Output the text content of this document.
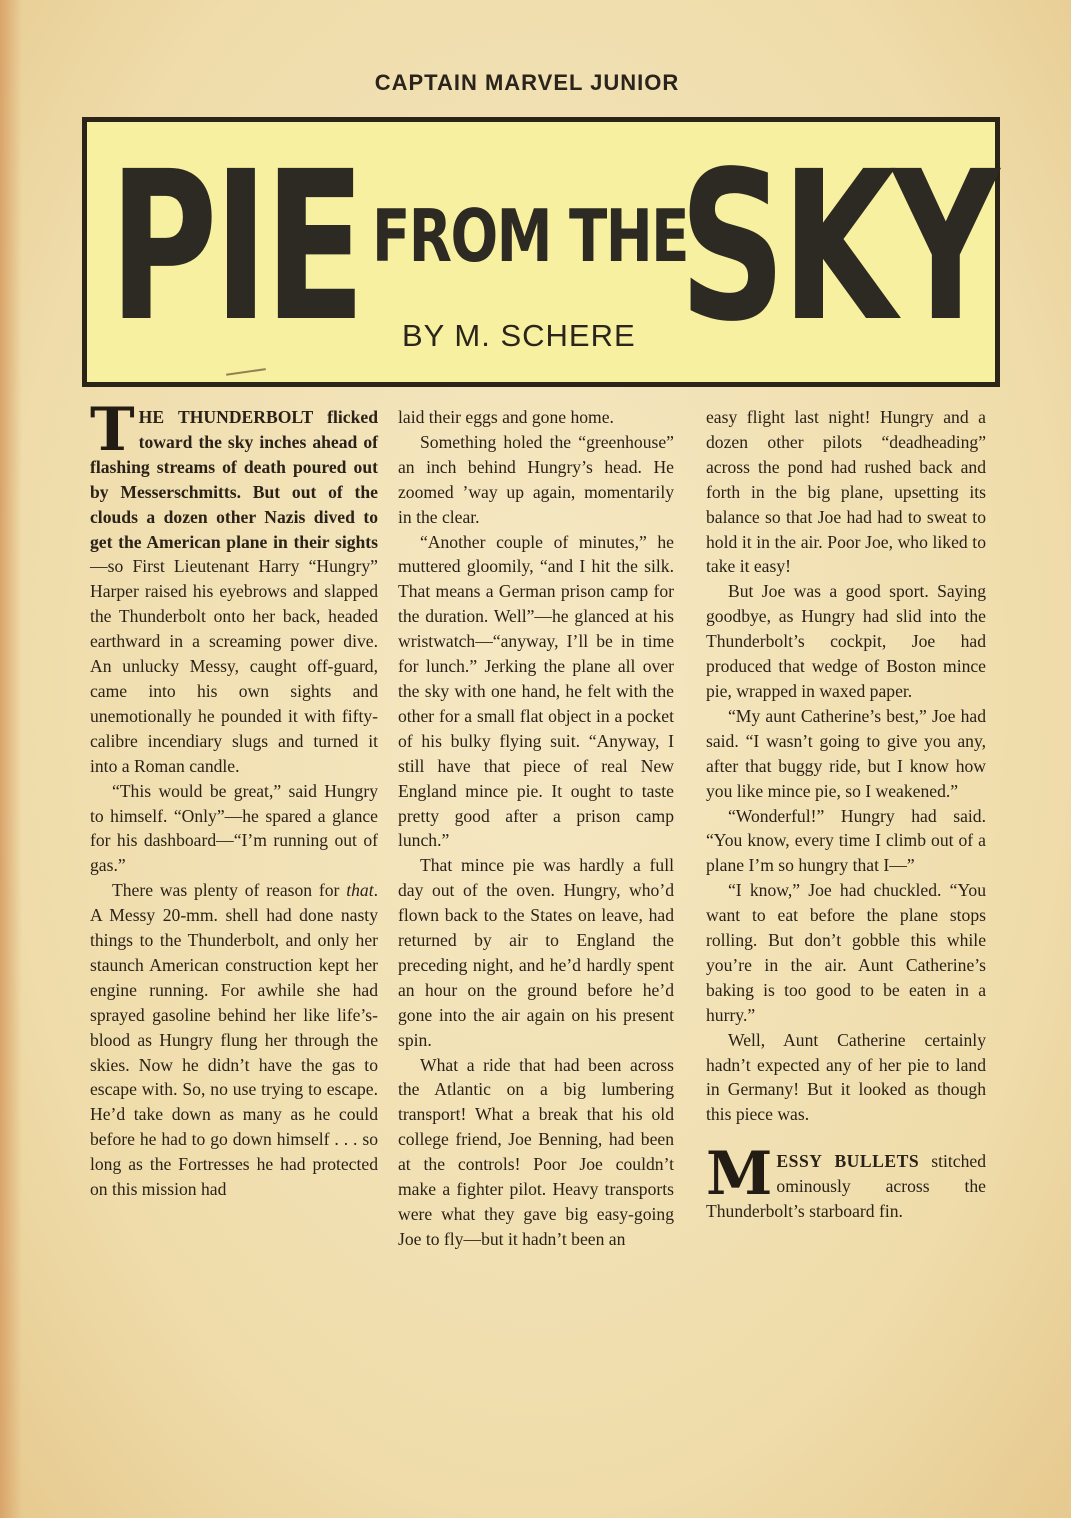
CAPTAIN MARVEL JUNIOR
PIE FROM THE
SKY
BY M. SCHERE

THE THUNDERBOLT flicked toward the sky inches ahead of flashing streams of death poured out by Messerschmitts. But out of the clouds a dozen other Nazis dived to get the American plane in their sights—so First Lieutenant Harry “Hungry” Harper raised his eyebrows and slapped the Thunderbolt onto her back, headed earthward in a screaming power dive. An unlucky Messy, caught off-guard, came into his own sights and unemotionally he pounded it with fifty-calibre incendiary slugs and turned it into a Roman candle.

“This would be great,” said Hungry to himself. “Only”—he spared a glance for his dashboard—“I’m running out of gas.”

There was plenty of reason for that. A Messy 20-mm. shell had done nasty things to the Thunderbolt, and only her staunch American construction kept her engine running. For awhile she had sprayed gasoline behind her like life’s-blood as Hungry flung her through the skies. Now he didn’t have the gas to escape with. So, no use trying to escape. He’d take down as many as he could before he had to go down himself . . . so long as the Fortresses he had protected on this mission had

laid their eggs and gone home.

Something holed the “greenhouse” an inch behind Hungry’s head. He zoomed ’way up again, momentarily in the clear.

“Another couple of minutes,” he muttered gloomily, “and I hit the silk. That means a German prison camp for the duration. Well”—he glanced at his wristwatch—“anyway, I’ll be in time for lunch.” Jerking the plane all over the sky with one hand, he felt with the other for a small flat object in a pocket of his bulky flying suit. “Anyway, I still have that piece of real New England mince pie. It ought to taste pretty good after a prison camp lunch.”

That mince pie was hardly a full day out of the oven. Hungry, who’d flown back to the States on leave, had returned by air to England the preceding night, and he’d hardly spent an hour on the ground before he’d gone into the air again on his present spin.

What a ride that had been across the Atlantic on a big lumbering transport! What a break that his old college friend, Joe Benning, had been at the controls! Poor Joe couldn’t make a fighter pilot. Heavy transports were what they gave big easy-going Joe to fly—but it hadn’t been an

easy flight last night! Hungry and a dozen other pilots “deadheading” across the pond had rushed back and forth in the big plane, upsetting its balance so that Joe had had to sweat to hold it in the air. Poor Joe, who liked to take it easy!

But Joe was a good sport. Saying goodbye, as Hungry had slid into the Thunderbolt’s cockpit, Joe had produced that wedge of Boston mince pie, wrapped in waxed paper.

“My aunt Catherine’s best,” Joe had said. “I wasn’t going to give you any, after that buggy ride, but I know how you like mince pie, so I weakened.”

“Wonderful!” Hungry had said. “You know, every time I climb out of a plane I’m so hungry that I—”

“I know,” Joe had chuckled. “You want to eat before the plane stops rolling. But don’t gobble this while you’re in the air. Aunt Catherine’s baking is too good to be eaten in a hurry.”

Well, Aunt Catherine certainly hadn’t expected any of her pie to land in Germany! But it looked as though this piece was.

MESSY BULLETS stitched ominously across the Thunderbolt’s starboard fin.
